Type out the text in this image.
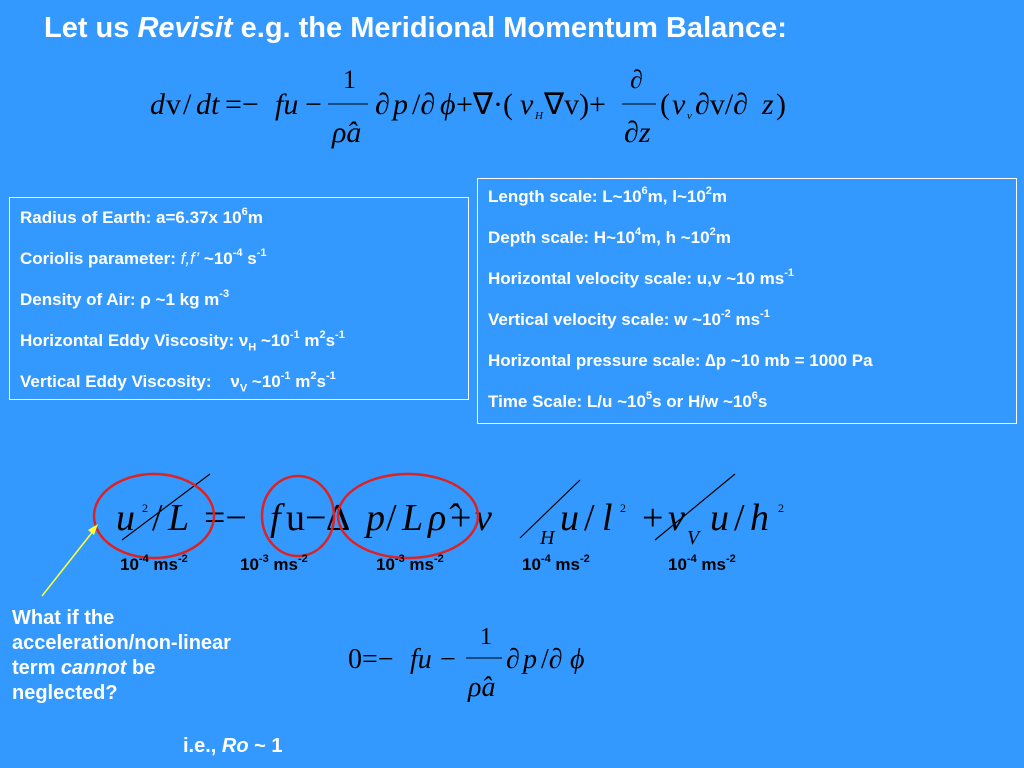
Let us Revisit e.g. the Meridional Momentum Balance:
d v / dt =− fu −
1
ρ̂a
∂ p /∂ ϕ +∇·( ν H ∇v)+
∂
∂z
( ν v ∂v/∂ z )
Radius of Earth: a=6.37x $10^6m$
Coriolis parameter: f,f’ $\sim 10^{-4}$ $s^{-1}$
Density of Air: ρ ~1 kg $m^{-3}$
Horizontal Eddy Viscosity: $\nu_H$ $\sim 10^{-1}$ $m^2s^{-1}$
Vertical Eddy Viscosity:    $\nu_V$ $\sim 10^{-1}$ $m^2s^{-1}$
Length scale: $L\sim 10^6m$, $l\sim 10^2m$
Depth scale: $H\sim 10^4m$, h $\sim 10^2m$
Horizontal velocity scale: u,v ~10 $ms^{-1}$
Vertical velocity scale: w $\sim 10^{-2}$ $ms^{-1}$
Horizontal pressure scale: ∆p ~10 mb = 1000 Pa
Time Scale: L/u $\sim 10^5s$ or H/w $\sim 10^6s$
u 2 / L =− f u−∆ p / L ρ̂ + ν H u / l 2 + ν V u / h 2
$10^{-4}$ $ms^{-2}$	$10^{-3}$ $ms^{-2}$	$10^{-3}$ $ms^{-2}$	$10^{-4}$ $ms^{-2}$	$10^{-4}$ $ms^{-2}$
What if the
acceleration/non-linear
term cannot be
neglected?
0=− fu −
1
ρ̂a
∂ p /∂ ϕ
i.e., Ro ~ 1
